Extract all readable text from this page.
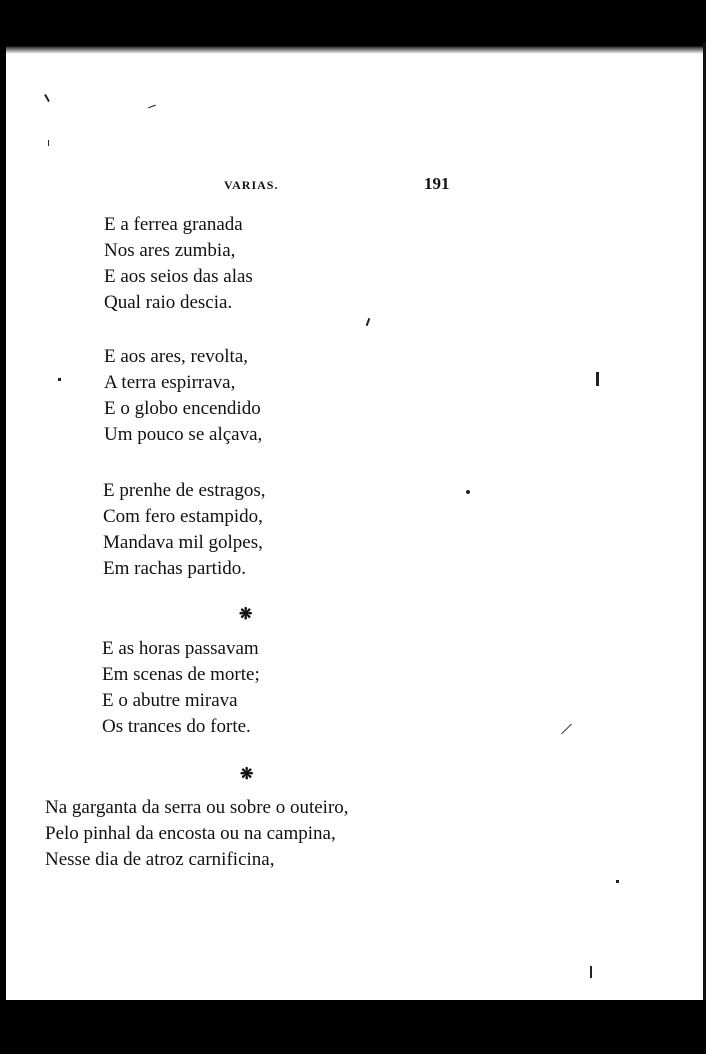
VARIAS.	191
E a ferrea granada
Nos ares zumbia,
E aos seios das alas
Qual raio descia.
E aos ares, revolta,
A terra espirrava,
E o globo encendido
Um pouco se alçava,
E prenhe de estragos,
Com fero estampido,
Mandava mil golpes,
Em rachas partido.
❋
E as horas passavam
Em scenas de morte;
E o abutre mirava
Os trances do forte.
❋
Na garganta da serra ou sobre o outeiro,
Pelo pinhal da encosta ou na campina,
Nesse dia de atroz carnificina,
